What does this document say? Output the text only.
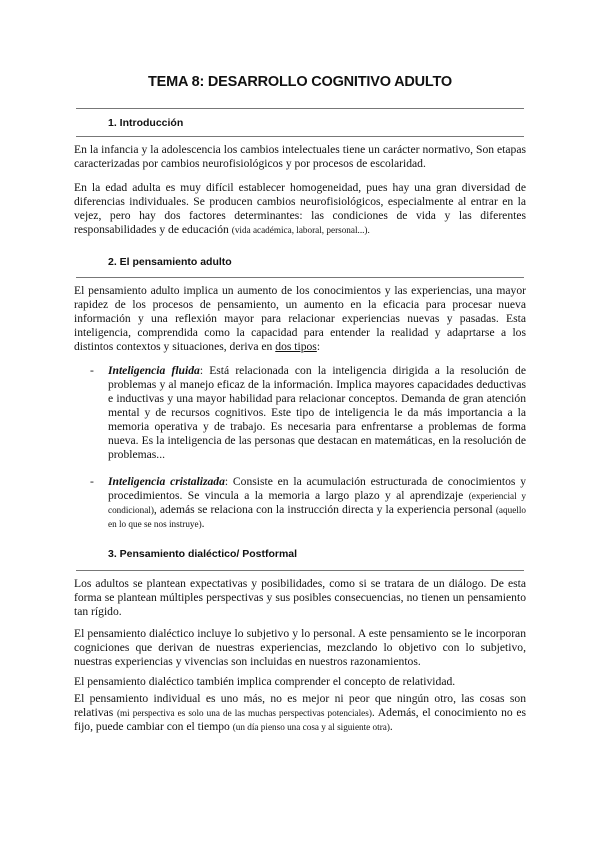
TEMA 8: DESARROLLO COGNITIVO ADULTO
1. Introducción
En la infancia y la adolescencia los cambios intelectuales tiene un carácter normativo, Son etapas caracterizadas por cambios neurofisiológicos y por procesos de escolaridad.
En la edad adulta es muy difícil establecer homogeneidad, pues hay una gran diversidad de diferencias individuales. Se producen cambios neurofisiológicos, especialmente al entrar en la vejez, pero hay dos factores determinantes: las condiciones de vida y las diferentes responsabilidades y de educación (vida académica, laboral, personal...).
2. El pensamiento adulto
El pensamiento adulto implica un aumento de los conocimientos y las experiencias, una mayor rapidez de los procesos de pensamiento, un aumento en la eficacia para procesar nueva información y una reflexión mayor para relacionar experiencias nuevas y pasadas. Esta inteligencia, comprendida como la capacidad para entender la realidad y adaprtarse a los distintos contextos y situaciones, deriva en dos tipos:
- Inteligencia fluida: Está relacionada con la inteligencia dirigida a la resolución de problemas y al manejo eficaz de la información. Implica mayores capacidades deductivas e inductivas y una mayor habilidad para relacionar conceptos. Demanda de gran atención mental y de recursos cognitivos. Este tipo de inteligencia le da más importancia a la memoria operativa y de trabajo. Es necesaria para enfrentarse a problemas de forma nueva. Es la inteligencia de las personas que destacan en matemáticas, en la resolución de problemas...
- Inteligencia cristalizada: Consiste en la acumulación estructurada de conocimientos y procedimientos. Se vincula a la memoria a largo plazo y al aprendizaje (experiencial y condicional), además se relaciona con la instrucción directa y la experiencia personal (aquello en lo que se nos instruye).
3. Pensamiento dialéctico/ Postformal
Los adultos se plantean expectativas y posibilidades, como si se tratara de un diálogo. De esta forma se plantean múltiples perspectivas y sus posibles consecuencias, no tienen un pensamiento tan rígido.
El pensamiento dialéctico incluye lo subjetivo y lo personal. A este pensamiento se le incorporan cogniciones que derivan de nuestras experiencias, mezclando lo objetivo con lo subjetivo, nuestras experiencias y vivencias son incluidas en nuestros razonamientos.
El pensamiento dialéctico también implica comprender el concepto de relatividad.
El pensamiento individual es uno más, no es mejor ni peor que ningún otro, las cosas son relativas (mi perspectiva es solo una de las muchas perspectivas potenciales). Además, el conocimiento no es fijo, puede cambiar con el tiempo (un día pienso una cosa y al siguiente otra).
